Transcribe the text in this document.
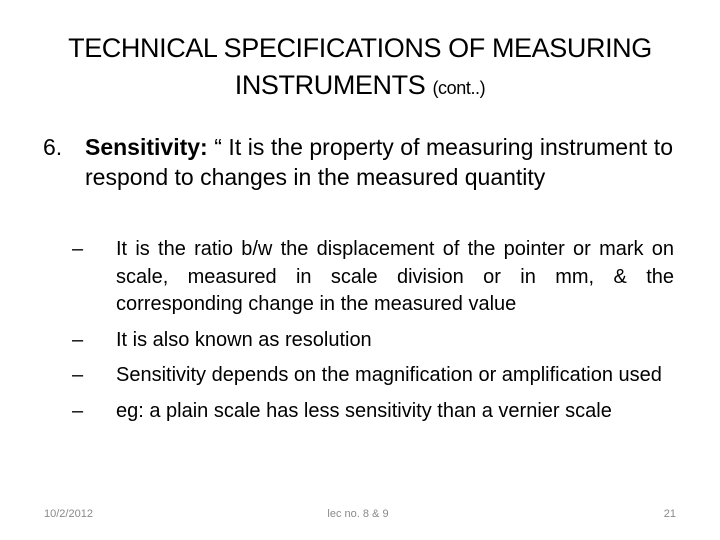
TECHNICAL SPECIFICATIONS OF MEASURING INSTRUMENTS (cont..)
6. Sensitivity: “ It is the property of measuring instrument to respond to changes in the measured quantity
– It is the ratio b/w the displacement of the pointer or mark on scale, measured in scale division or in mm, & the corresponding change in the measured value
– It is also known as resolution
– Sensitivity depends on the magnification or amplification used
– eg: a plain scale has less sensitivity than a vernier scale
10/2/2012	lec no. 8 & 9	21
